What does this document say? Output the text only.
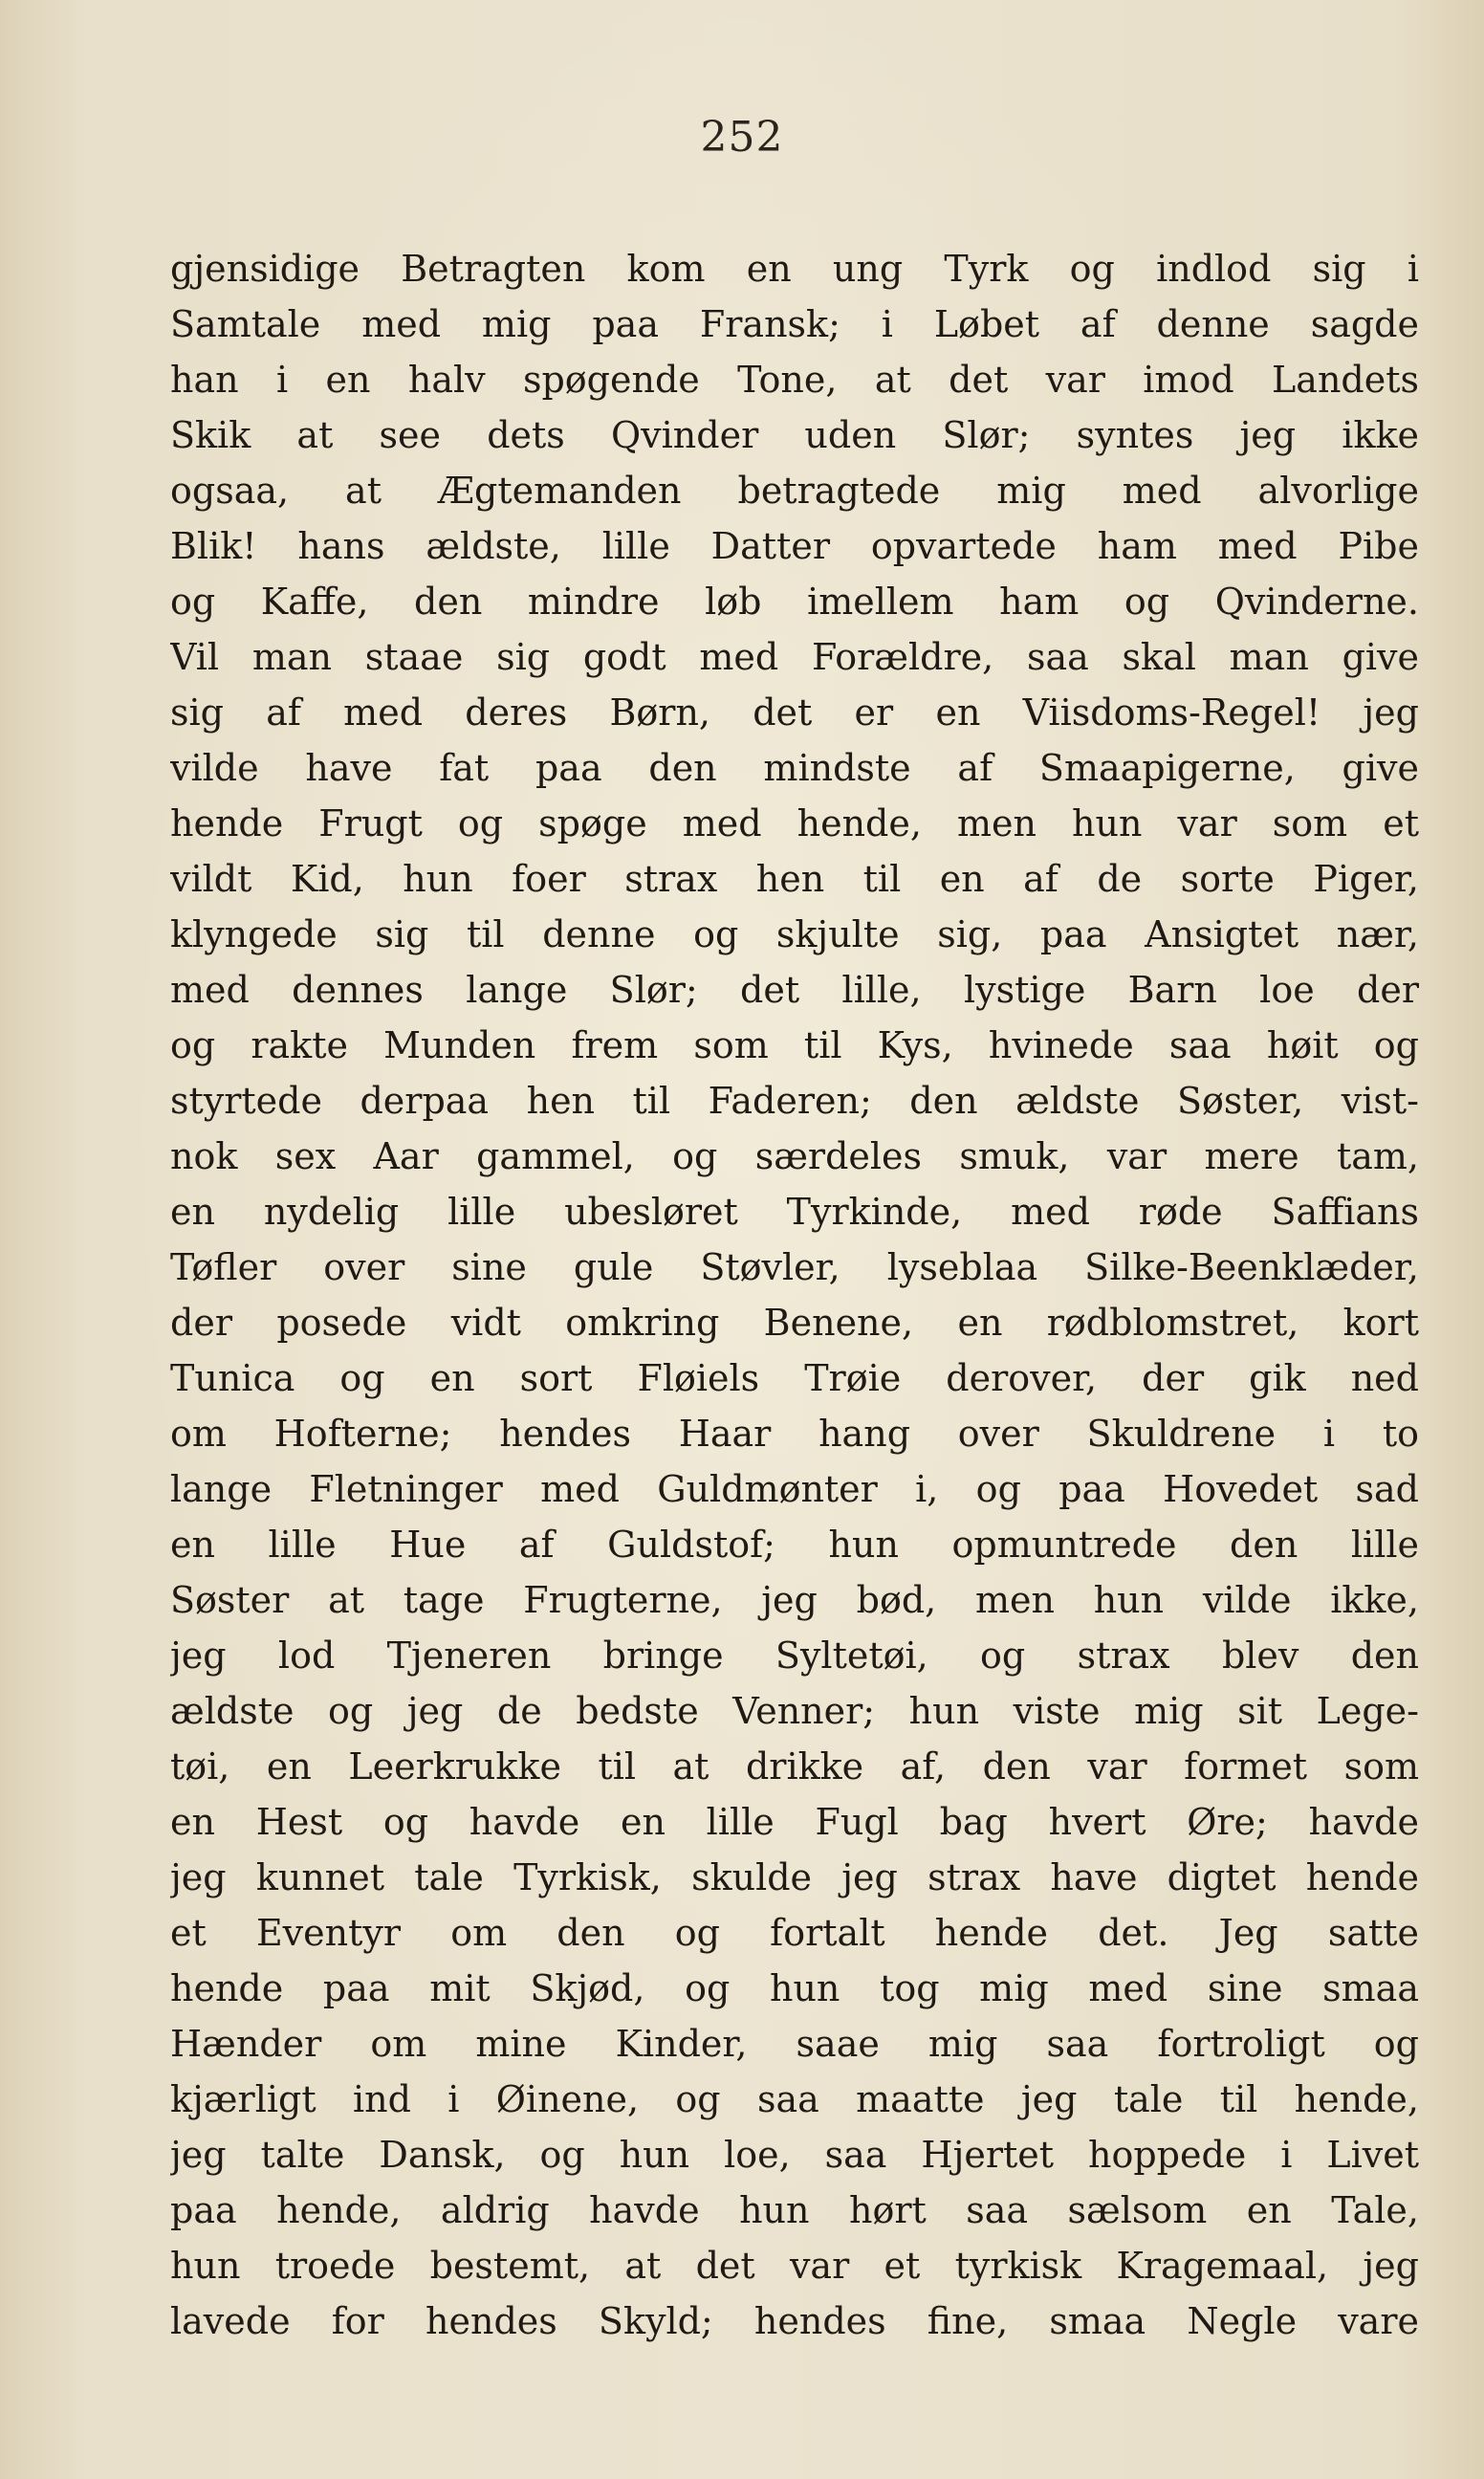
252
gjensidige Betragten kom en ung Tyrk og indlod sig i
Samtale med mig paa Fransk; i Løbet af denne sagde
han i en halv spøgende Tone, at det var imod Landets
Skik at see dets Qvinder uden Slør; syntes jeg ikke
ogsaa, at Ægtemanden betragtede mig med alvorlige
Blik! hans ældste, lille Datter opvartede ham med Pibe
og Kaffe, den mindre løb imellem ham og Qvinderne.
Vil man staae sig godt med Forældre, saa skal man give
sig af med deres Børn, det er en Viisdoms-Regel! jeg
vilde have fat paa den mindste af Smaapigerne, give
hende Frugt og spøge med hende, men hun var som et
vildt Kid, hun foer strax hen til en af de sorte Piger,
klyngede sig til denne og skjulte sig, paa Ansigtet nær,
med dennes lange Slør; det lille, lystige Barn loe der
og rakte Munden frem som til Kys, hvinede saa høit og
styrtede derpaa hen til Faderen; den ældste Søster, vist-
nok sex Aar gammel, og særdeles smuk, var mere tam,
en nydelig lille ubesløret Tyrkinde, med røde Saffians
Tøfler over sine gule Støvler, lyseblaa Silke-Beenklæder,
der posede vidt omkring Benene, en rødblomstret, kort
Tunica og en sort Fløiels Trøie derover, der gik ned
om Hofterne; hendes Haar hang over Skuldrene i to
lange Fletninger med Guldmønter i, og paa Hovedet sad
en lille Hue af Guldstof; hun opmuntrede den lille
Søster at tage Frugterne, jeg bød, men hun vilde ikke,
jeg lod Tjeneren bringe Syltetøi, og strax blev den
ældste og jeg de bedste Venner; hun viste mig sit Lege-
tøi, en Leerkrukke til at drikke af, den var formet som
en Hest og havde en lille Fugl bag hvert Øre; havde
jeg kunnet tale Tyrkisk, skulde jeg strax have digtet hende
et Eventyr om den og fortalt hende det. Jeg satte
hende paa mit Skjød, og hun tog mig med sine smaa
Hænder om mine Kinder, saae mig saa fortroligt og
kjærligt ind i Øinene, og saa maatte jeg tale til hende,
jeg talte Dansk, og hun loe, saa Hjertet hoppede i Livet
paa hende, aldrig havde hun hørt saa sælsom en Tale,
hun troede bestemt, at det var et tyrkisk Kragemaal, jeg
lavede for hendes Skyld; hendes fine, smaa Negle vare
